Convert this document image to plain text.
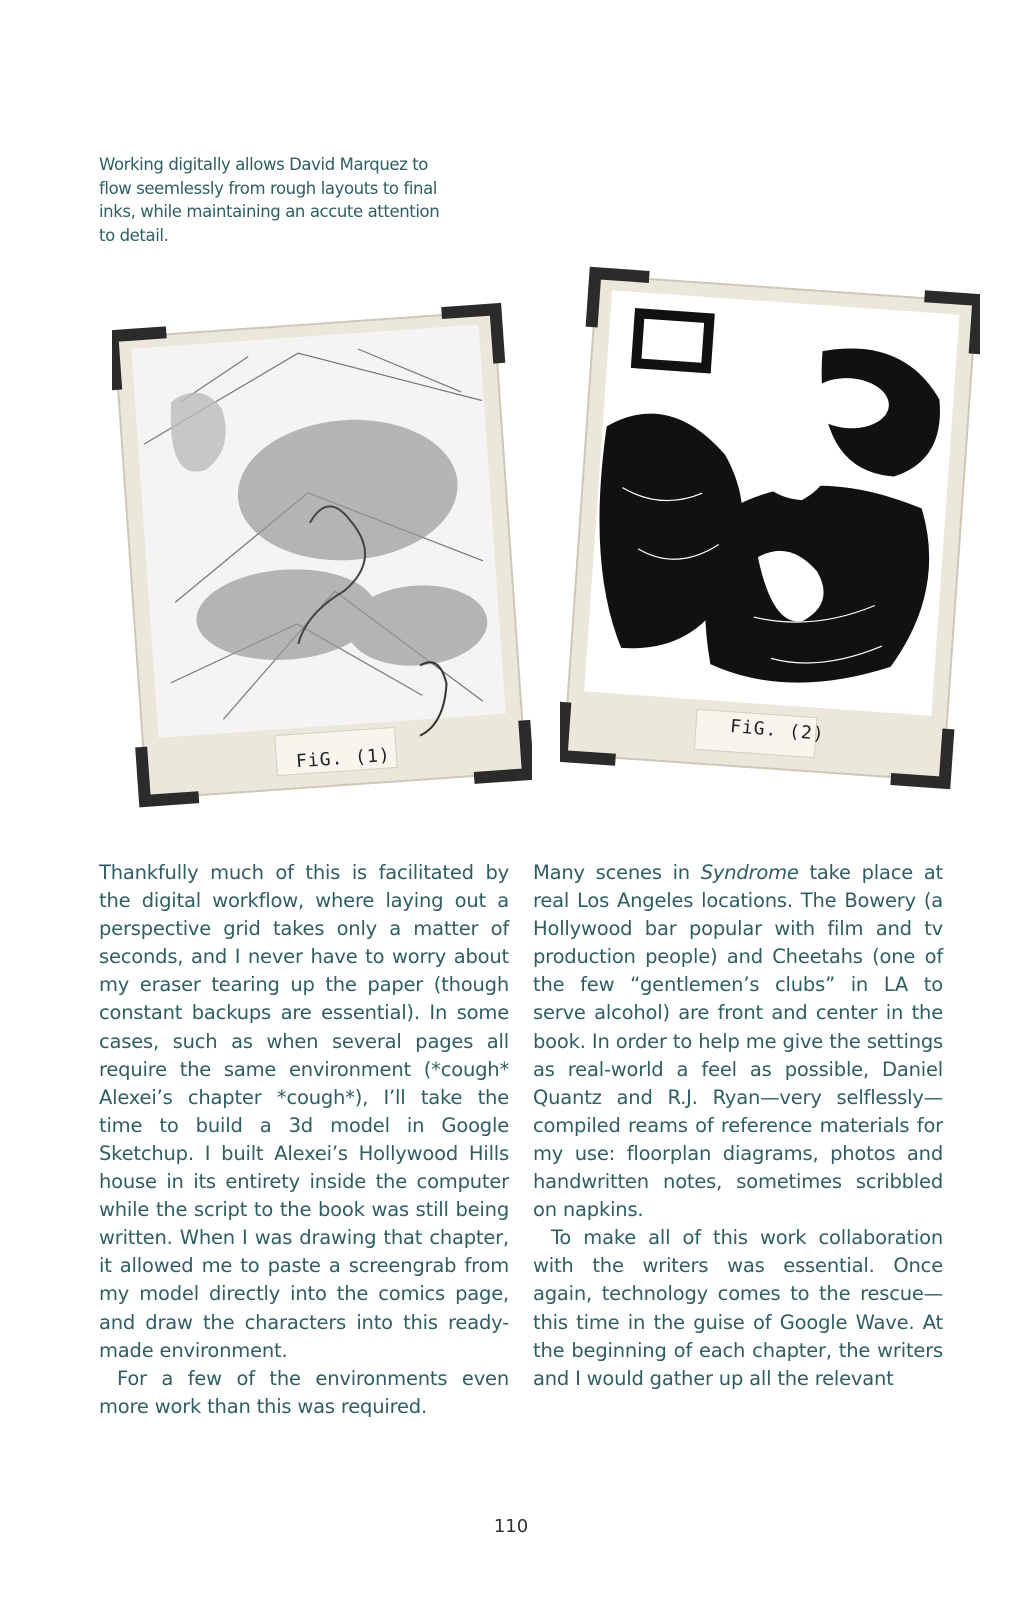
Working digitally allows David Marquez to flow seemlessly from rough layouts to final inks, while maintaining an accute attention to detail.
FiG. (1)
FiG. (2)

Thankfully much of this is facilitated by the digital workflow, where laying out a perspective grid takes only a matter of seconds, and I never have to worry about my eraser tearing up the paper (though constant backups are essential). In some cases, such as when several pages all require the same environment (*cough* Alexei’s chapter *cough*), I’ll take the time to build a 3d model in Google Sketchup. I built Alexei’s Hollywood Hills house in its entirety inside the computer while the script to the book was still being written. When I was drawing that chapter, it allowed me to paste a screengrab from my model directly into the comics page, and draw the characters into this ready-made environment.

For a few of the environments even more work than this was required.

Many scenes in Syndrome take place at real Los Angeles locations. The Bowery (a Hollywood bar popular with film and tv production people) and Cheetahs (one of the few “gentlemen’s clubs” in LA to serve alcohol) are front and center in the book. In order to help me give the settings as real-world a feel as possible, Daniel Quantz and R.J. Ryan—very selflessly—compiled reams of reference materials for my use: floorplan diagrams, photos and handwritten notes, sometimes scribbled on napkins.

To make all of this work collaboration with the writers was essential. Once again, technology comes to the rescue—this time in the guise of Google Wave. At the beginning of each chapter, the writers and I would gather up all the relevant

110
